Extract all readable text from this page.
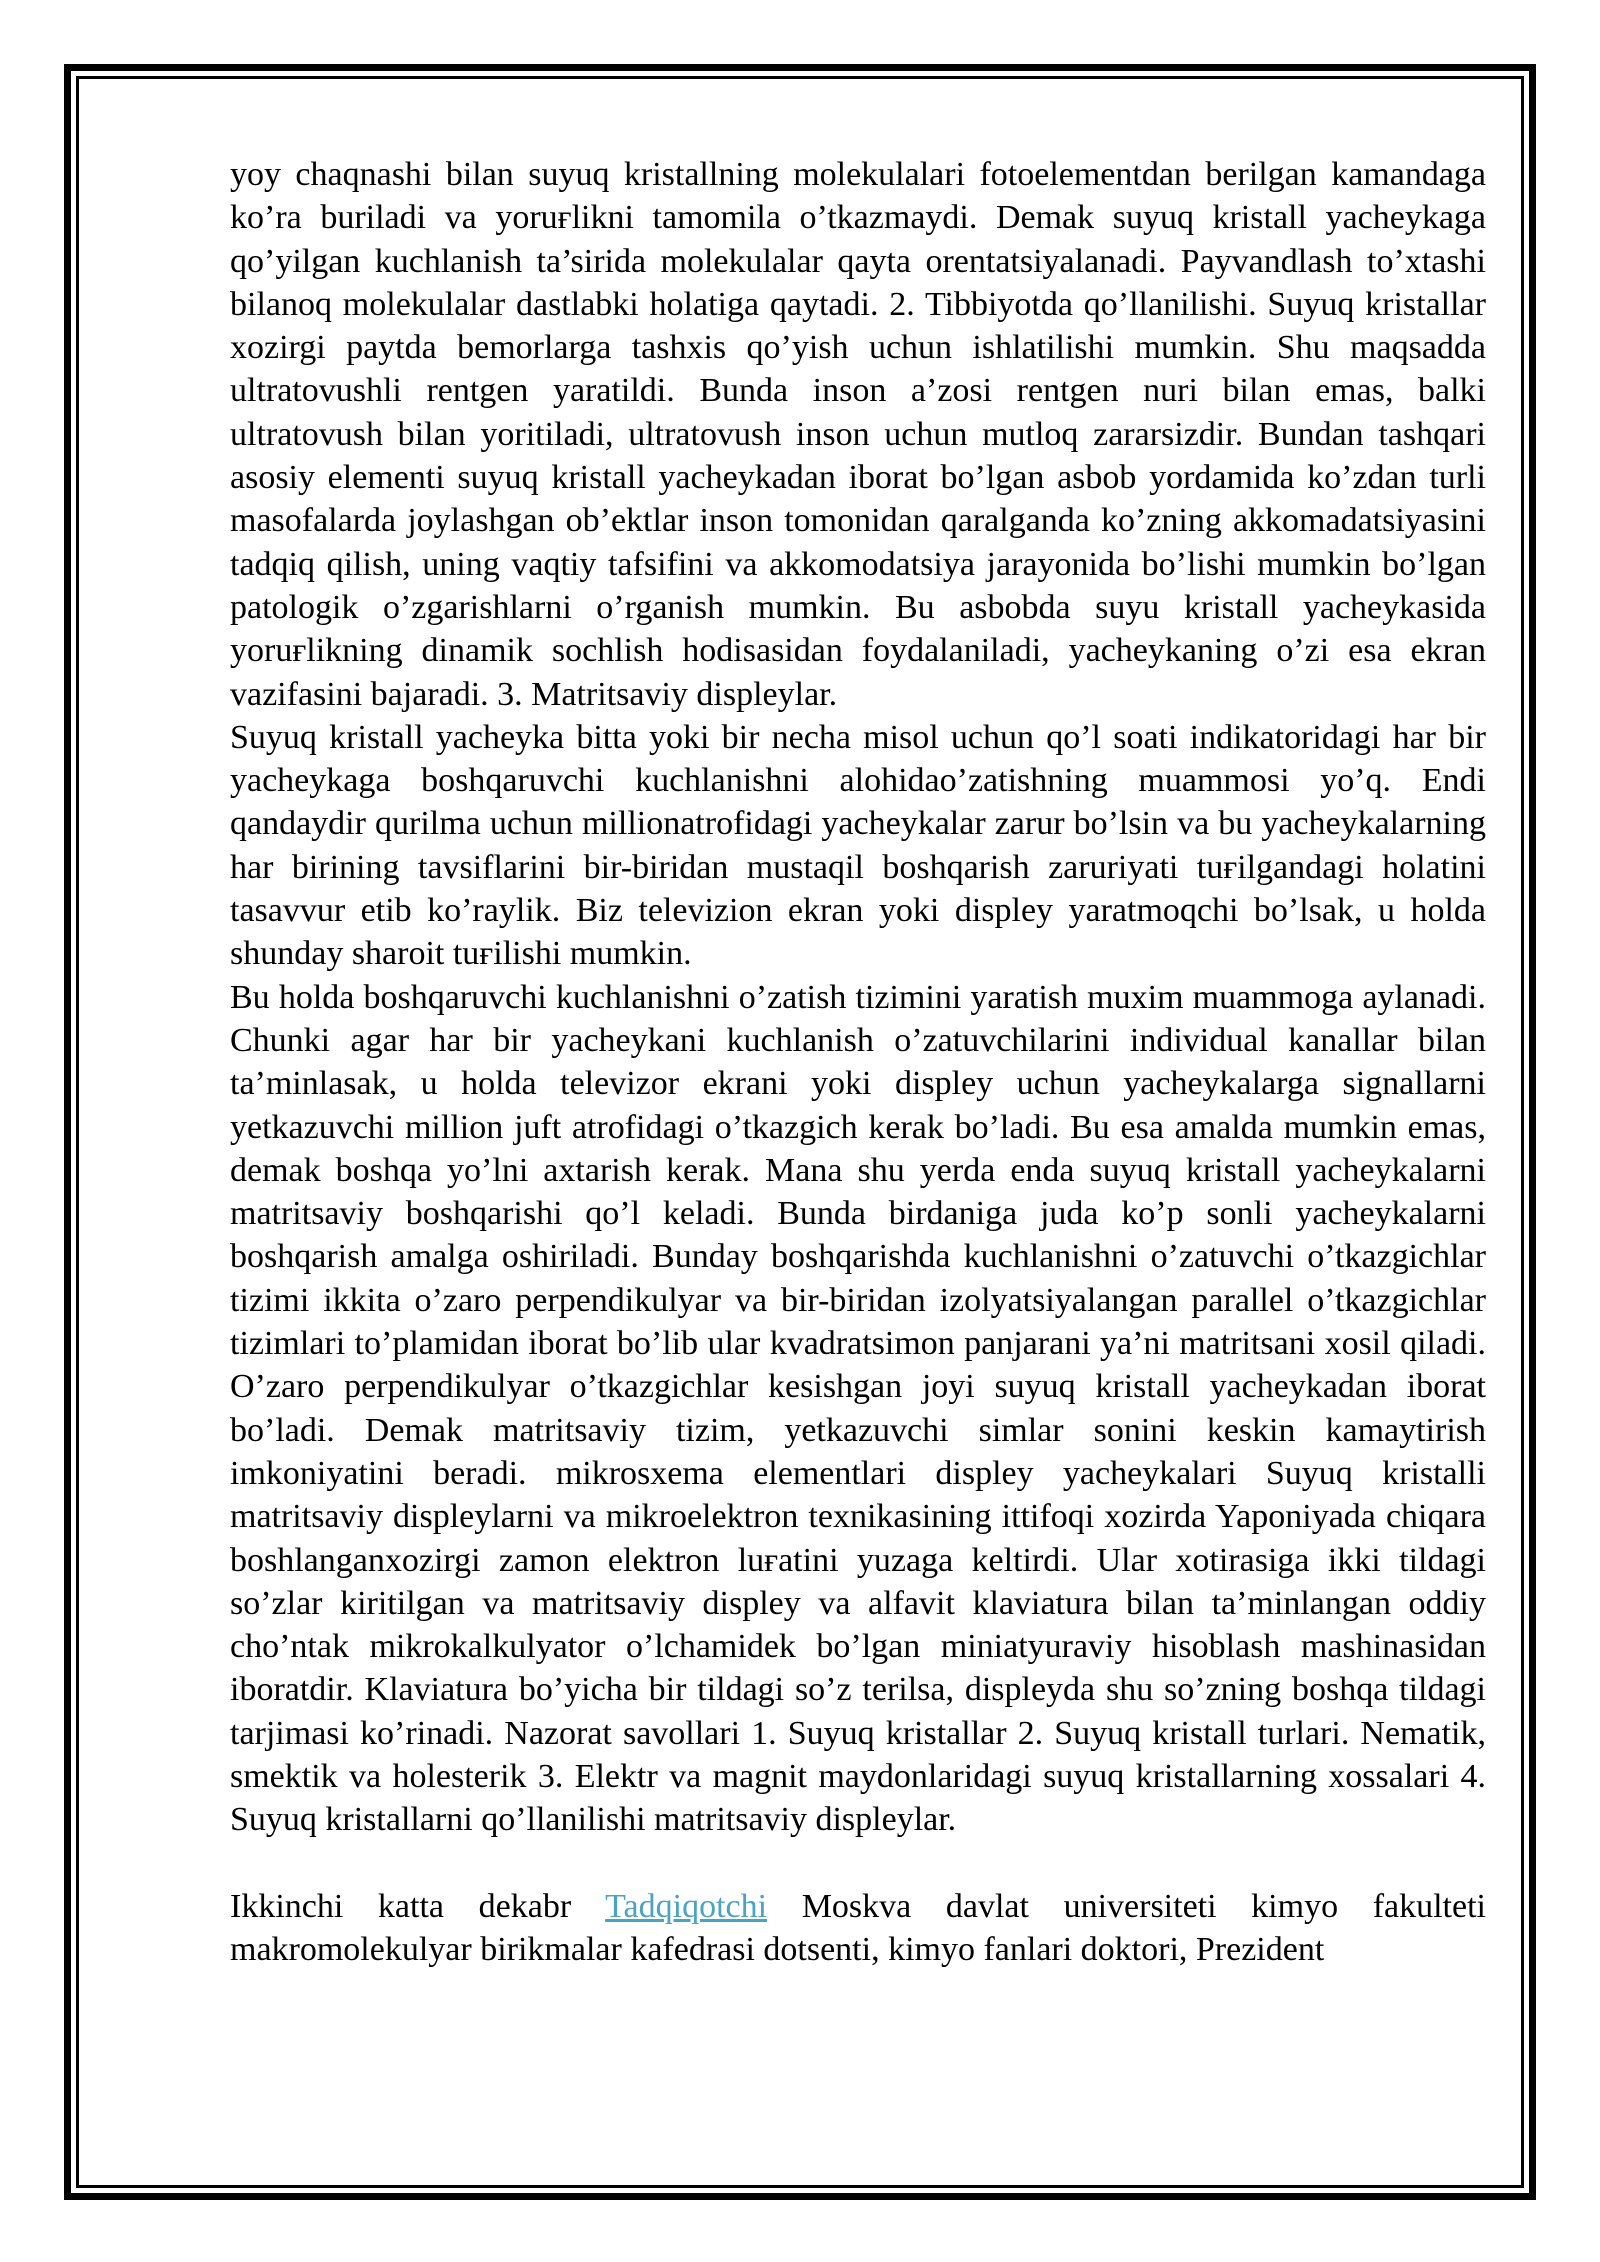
yoy chaqnashi bilan suyuq kristallning molekulalari fotoelementdan berilgan kamandaga ko’ra buriladi va yoruғlikni tamomila o’tkazmaydi. Demak suyuq kristall yacheykaga qo’yilgan kuchlanish ta’sirida molekulalar qayta orentatsiyalanadi. Payvandlash to’xtashi bilanoq molekulalar dastlabki holatiga qaytadi. 2. Tibbiyotda qo’llanilishi. Suyuq kristallar xozirgi paytda bemorlarga tashxis qo’yish uchun ishlatilishi mumkin. Shu maqsadda ultratovushli rentgen yaratildi. Bunda inson a’zosi rentgen nuri bilan emas, balki ultratovush bilan yoritiladi, ultratovush inson uchun mutloq zararsizdir. Bundan tashqari asosiy elementi suyuq kristall yacheykadan iborat bo’lgan asbob yordamida ko’zdan turli masofalarda joylashgan ob’ektlar inson tomonidan qaralganda ko’zning akkomadatsiyasini tadqiq qilish, uning vaqtiy tafsifini va akkomodatsiya jarayonida bo’lishi mumkin bo’lgan patologik o’zgarishlarni o’rganish mumkin. Bu asbobda suyu kristall yacheykasida yoruғlikning dinamik sochlish hodisasidan foydalaniladi, yacheykaning o’zi esa ekran vazifasini bajaradi. 3. Matritsaviy displeylar.

Suyuq kristall yacheyka bitta yoki bir necha misol uchun qo’l soati indikatoridagi har bir yacheykaga boshqaruvchi kuchlanishni alohidao’zatishning muammosi yo’q. Endi qandaydir qurilma uchun millionatrofidagi yacheykalar zarur bo’lsin va bu yacheykalarning har birining tavsiflarini bir-biridan mustaqil boshqarish zaruriyati tuғilgandagi holatini tasavvur etib ko’raylik. Biz televizion ekran yoki displey yaratmoqchi bo’lsak, u holda shunday sharoit tuғilishi mumkin.

Bu holda boshqaruvchi kuchlanishni o’zatish tizimini yaratish muxim muammoga aylanadi. Chunki agar har bir yacheykani kuchlanish o’zatuvchilarini individual kanallar bilan ta’minlasak, u holda televizor ekrani yoki displey uchun yacheykalarga signallarni yetkazuvchi million juft atrofidagi o’tkazgich kerak bo’ladi. Bu esa amalda mumkin emas, demak boshqa yo’lni axtarish kerak. Mana shu yerda enda suyuq kristall yacheykalarni matritsaviy boshqarishi qo’l keladi. Bunda birdaniga juda ko’p sonli yacheykalarni boshqarish amalga oshiriladi. Bunday boshqarishda kuchlanishni o’zatuvchi o’tkazgichlar tizimi ikkita o’zaro perpendikulyar va bir-biridan izolyatsiyalangan parallel o’tkazgichlar tizimlari to’plamidan iborat bo’lib ular kvadratsimon panjarani ya’ni matritsani xosil qiladi. O’zaro perpendikulyar o’tkazgichlar kesishgan joyi suyuq kristall yacheykadan iborat bo’ladi. Demak matritsaviy tizim, yetkazuvchi simlar sonini keskin kamaytirish imkoniyatini beradi. mikrosxema elementlari displey yacheykalari Suyuq kristalli matritsaviy displeylarni va mikroelektron texnikasining ittifoqi xozirda Yaponiyada chiqara boshlanganxozirgi zamon elektron luғatini yuzaga keltirdi. Ular xotirasiga ikki tildagi so’zlar kiritilgan va matritsaviy displey va alfavit klaviatura bilan ta’minlangan oddiy cho’ntak mikrokalkulyator o’lchamidek bo’lgan miniatyuraviy hisoblash mashinasidan iboratdir. Klaviatura bo’yicha bir tildagi so’z terilsa, displeyda shu so’zning boshqa tildagi tarjimasi ko’rinadi. Nazorat savollari 1. Suyuq kristallar 2. Suyuq kristall turlari. Nematik, smektik va holesterik 3. Elektr va magnit maydonlaridagi suyuq kristallarning xossalari 4. Suyuq kristallarni qo’llanilishi matritsaviy displeylar.

Ikkinchi katta dekabr Tadqiqotchi Moskva davlat universiteti kimyo fakulteti makromolekulyar birikmalar kafedrasi dotsenti, kimyo fanlari doktori, Prezident
